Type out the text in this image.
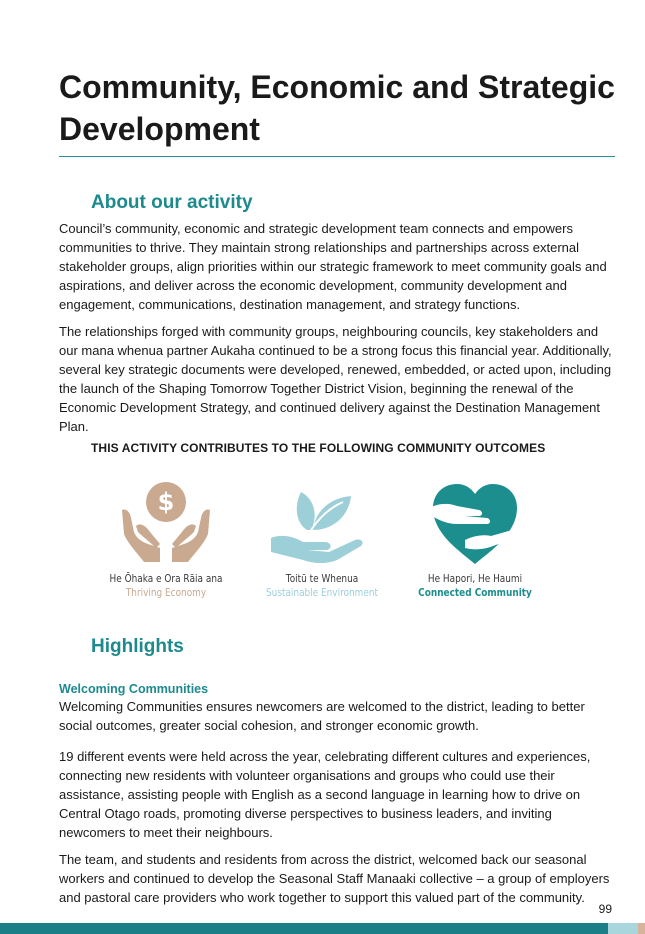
Community, Economic and Strategic Development
About our activity

Council’s community, economic and strategic development team connects and empowers communities to thrive. They maintain strong relationships and partnerships across external stakeholder groups, align priorities within our strategic framework to meet community goals and aspirations, and deliver across the economic development, community development and engagement, communications, destination management, and strategy functions.

The relationships forged with community groups, neighbouring councils, key stakeholders and our mana whenua partner Aukaha continued to be a strong focus this financial year. Additionally, several key strategic documents were developed, renewed, embedded, or acted upon, including the launch of the Shaping Tomorrow Together District Vision, beginning the renewal of the Economic Development Strategy, and continued delivery against the Destination Management Plan.

THIS ACTIVITY CONTRIBUTES TO THE FOLLOWING COMMUNITY OUTCOMES
$
He Ōhaka e Ora Rāia ana
Thriving Economy
Toitū te Whenua
Sustainable Environment
He Hapori, He Haumi
Connected Community
Highlights
Welcoming Communities

Welcoming Communities ensures newcomers are welcomed to the district, leading to better social outcomes, greater social cohesion, and stronger economic growth.

19 different events were held across the year, celebrating different cultures and experiences, connecting new residents with volunteer organisations and groups who could use their assistance, assisting people with English as a second language in learning how to drive on Central Otago roads, promoting diverse perspectives to business leaders, and inviting newcomers to meet their neighbours.

The team, and students and residents from across the district, welcomed back our seasonal workers and continued to develop the Seasonal Staff Manaaki collective – a group of employers and pastoral care providers who work together to support this valued part of the community.

99
